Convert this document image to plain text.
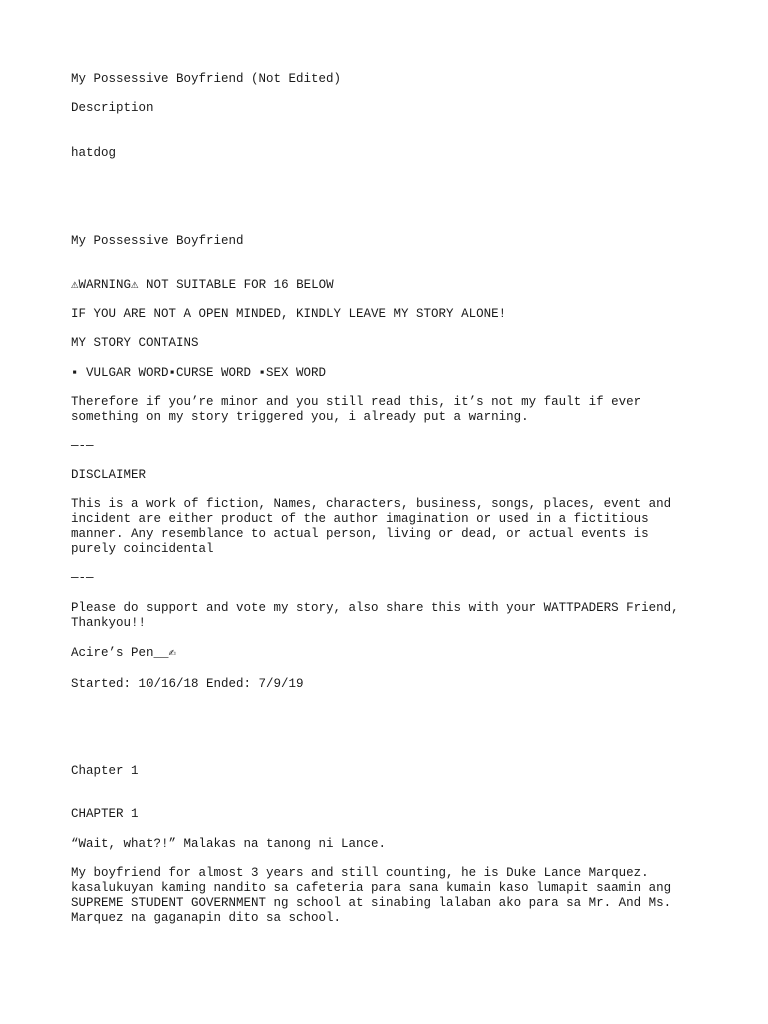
My Possessive Boyfriend (Not Edited)

Description

hatdog

My Possessive Boyfriend

⚠WARNING⚠ NOT SUITABLE FOR 16 BELOW

IF YOU ARE NOT A OPEN MINDED, KINDLY LEAVE MY STORY ALONE!

MY STORY CONTAINS

▪ VULGAR WORD▪CURSE WORD ▪SEX WORD

Therefore if you’re minor and you still read this, it’s not my fault if ever something on my story triggered you, i already put a warning.

—-—

DISCLAIMER

This is a work of fiction, Names, characters, business, songs, places, event and incident are either product of the author imagination or used in a fictitious manner. Any resemblance to actual person, living or dead, or actual events is purely coincidental

—-—

Please do support and vote my story, also share this with your WATTPADERS Friend, Thankyou!!

Acire’s Pen__✍

Started: 10/16/18 Ended: 7/9/19

Chapter 1

CHAPTER 1

“Wait, what?!” Malakas na tanong ni Lance.

My boyfriend for almost 3 years and still counting, he is Duke Lance Marquez. kasalukuyan kaming nandito sa cafeteria para sana kumain kaso lumapit saamin ang SUPREME STUDENT GOVERNMENT ng school at sinabing lalaban ako para sa Mr. And Ms. Marquez na gaganapin dito sa school.
